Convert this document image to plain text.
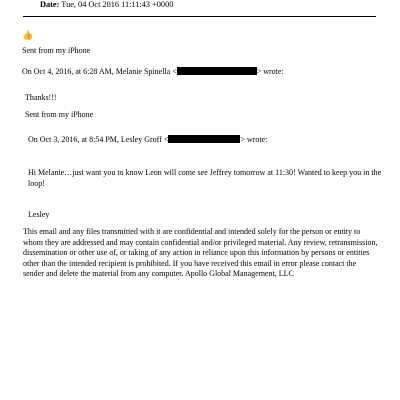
Date: Tue, 04 Oct 2016 11:11:43 +0000
👍
Sent from my iPhone
On Oct 4, 2016, at 6:28 AM, Melanie Spinella <	> wrote:
Thanks!!!
Sent from my iPhone
On Oct 3, 2016, at 8:54 PM, Lesley Groff <	> wrote:
Hi Melanie…just want you to know Leon will come see Jeffrey tomorrow at 11:30! Wanted to keep you in the loop!
Lesley
This email and any files transmitted with it are confidential and intended solely for the person or entity to whom they are addressed and may contain confidential and/or privileged material. Any review, retransmission, dissemination or other use of, or taking of any action in reliance upon this information by persons or entities other than the intended recipient is prohibited. If you have received this email in error please contact the sender and delete the material from any computer. Apollo Global Management, LLC
